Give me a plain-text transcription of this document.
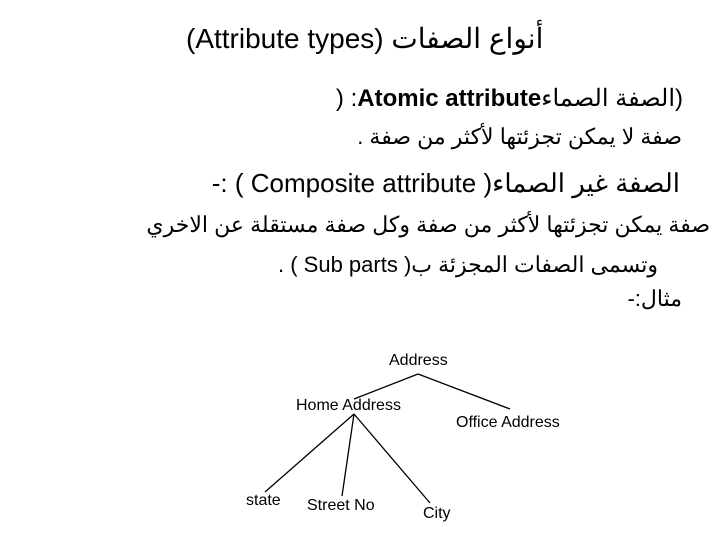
(Attribute types) أنواع الصفات
(الصفة الصماءAtomic attribute: (
صفة لا يمكن تجزئتها لأكثر من صفة .
الصفة غير الصماء( Composite attribute ) :-
صفة يمكن تجزئتها لأكثر من صفة وكل صفة مستقلة عن الاخري
وتسمى الصفات المجزئة ب( Sub parts ) .
مثال:-
Address
Home Address
Office Address
state Street No	City
